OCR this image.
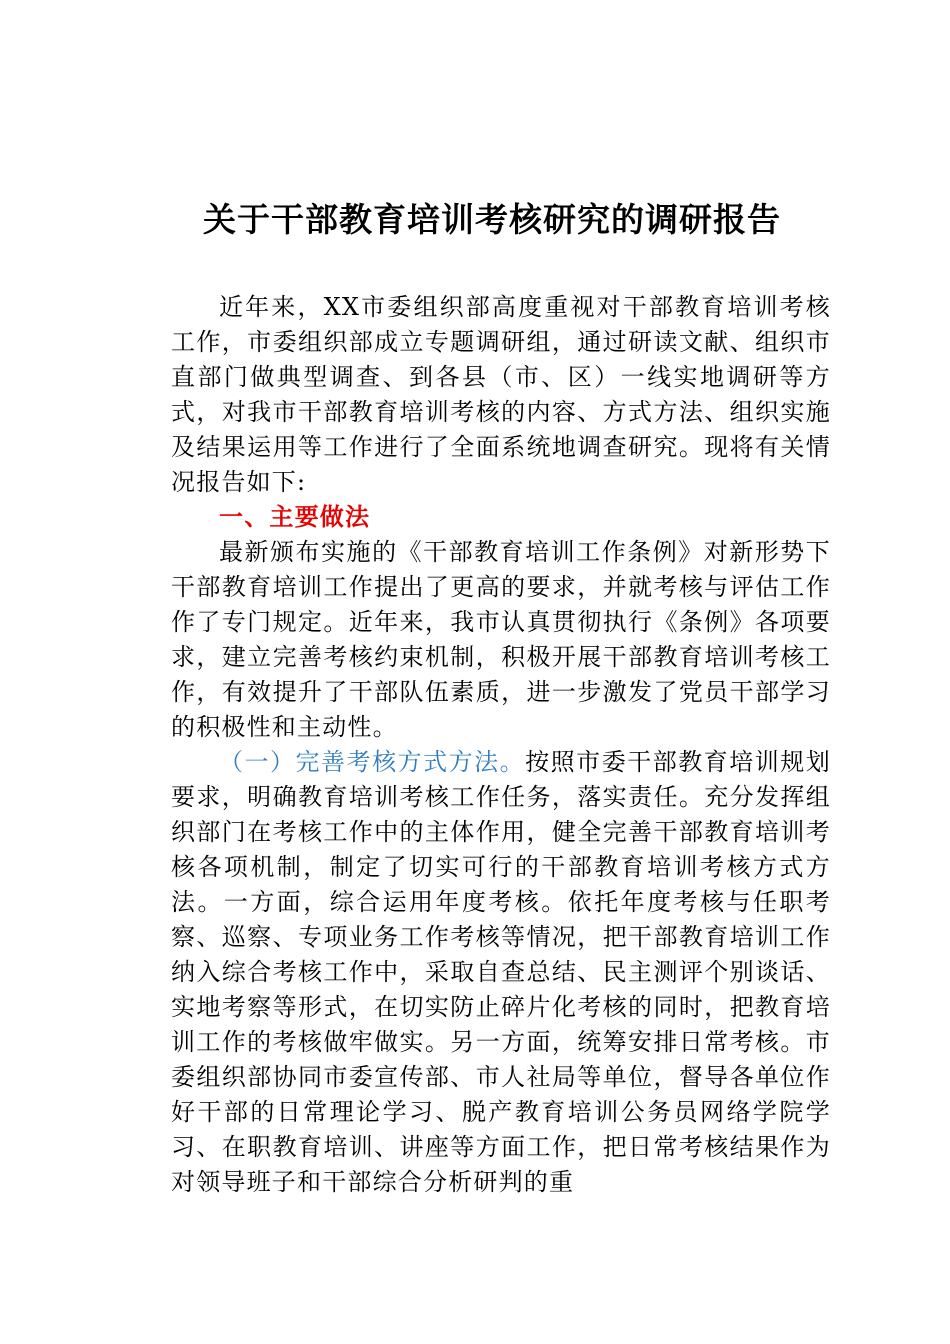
关于干部教育培训考核研究的调研报告

近年来，XX市委组织部高度重视对干部教育培训考核工作，市委组织部成立专题调研组，通过研读文献、组织市直部门做典型调查、到各县（市、区）一线实地调研等方式，对我市干部教育培训考核的内容、方式方法、组织实施及结果运用等工作进行了全面系统地调查研究。现将有关情况报告如下:

一、主要做法

最新颁布实施的《干部教育培训工作条例》对新形势下干部教育培训工作提出了更高的要求，并就考核与评估工作作了专门规定。近年来，我市认真贯彻执行《条例》各项要求，建立完善考核约束机制，积极开展干部教育培训考核工作，有效提升了干部队伍素质，进一步激发了党员干部学习的积极性和主动性。

（一）完善考核方式方法。按照市委干部教育培训规划要求，明确教育培训考核工作任务，落实责任。充分发挥组织部门在考核工作中的主体作用，健全完善干部教育培训考核各项机制，制定了切实可行的干部教育培训考核方式方法。一方面，综合运用年度考核。依托年度考核与任职考察、巡察、专项业务工作考核等情况，把干部教育培训工作纳入综合考核工作中，采取自查总结、民主测评个别谈话、实地考察等形式，在切实防止碎片化考核的同时，把教育培训工作的考核做牢做实。另一方面，统筹安排日常考核。市委组织部协同市委宣传部、市人社局等单位，督导各单位作好干部的日常理论学习、脱产教育培训公务员网络学院学习、在职教育培训、讲座等方面工作，把日常考核结果作为对领导班子和干部综合分析研判的重
